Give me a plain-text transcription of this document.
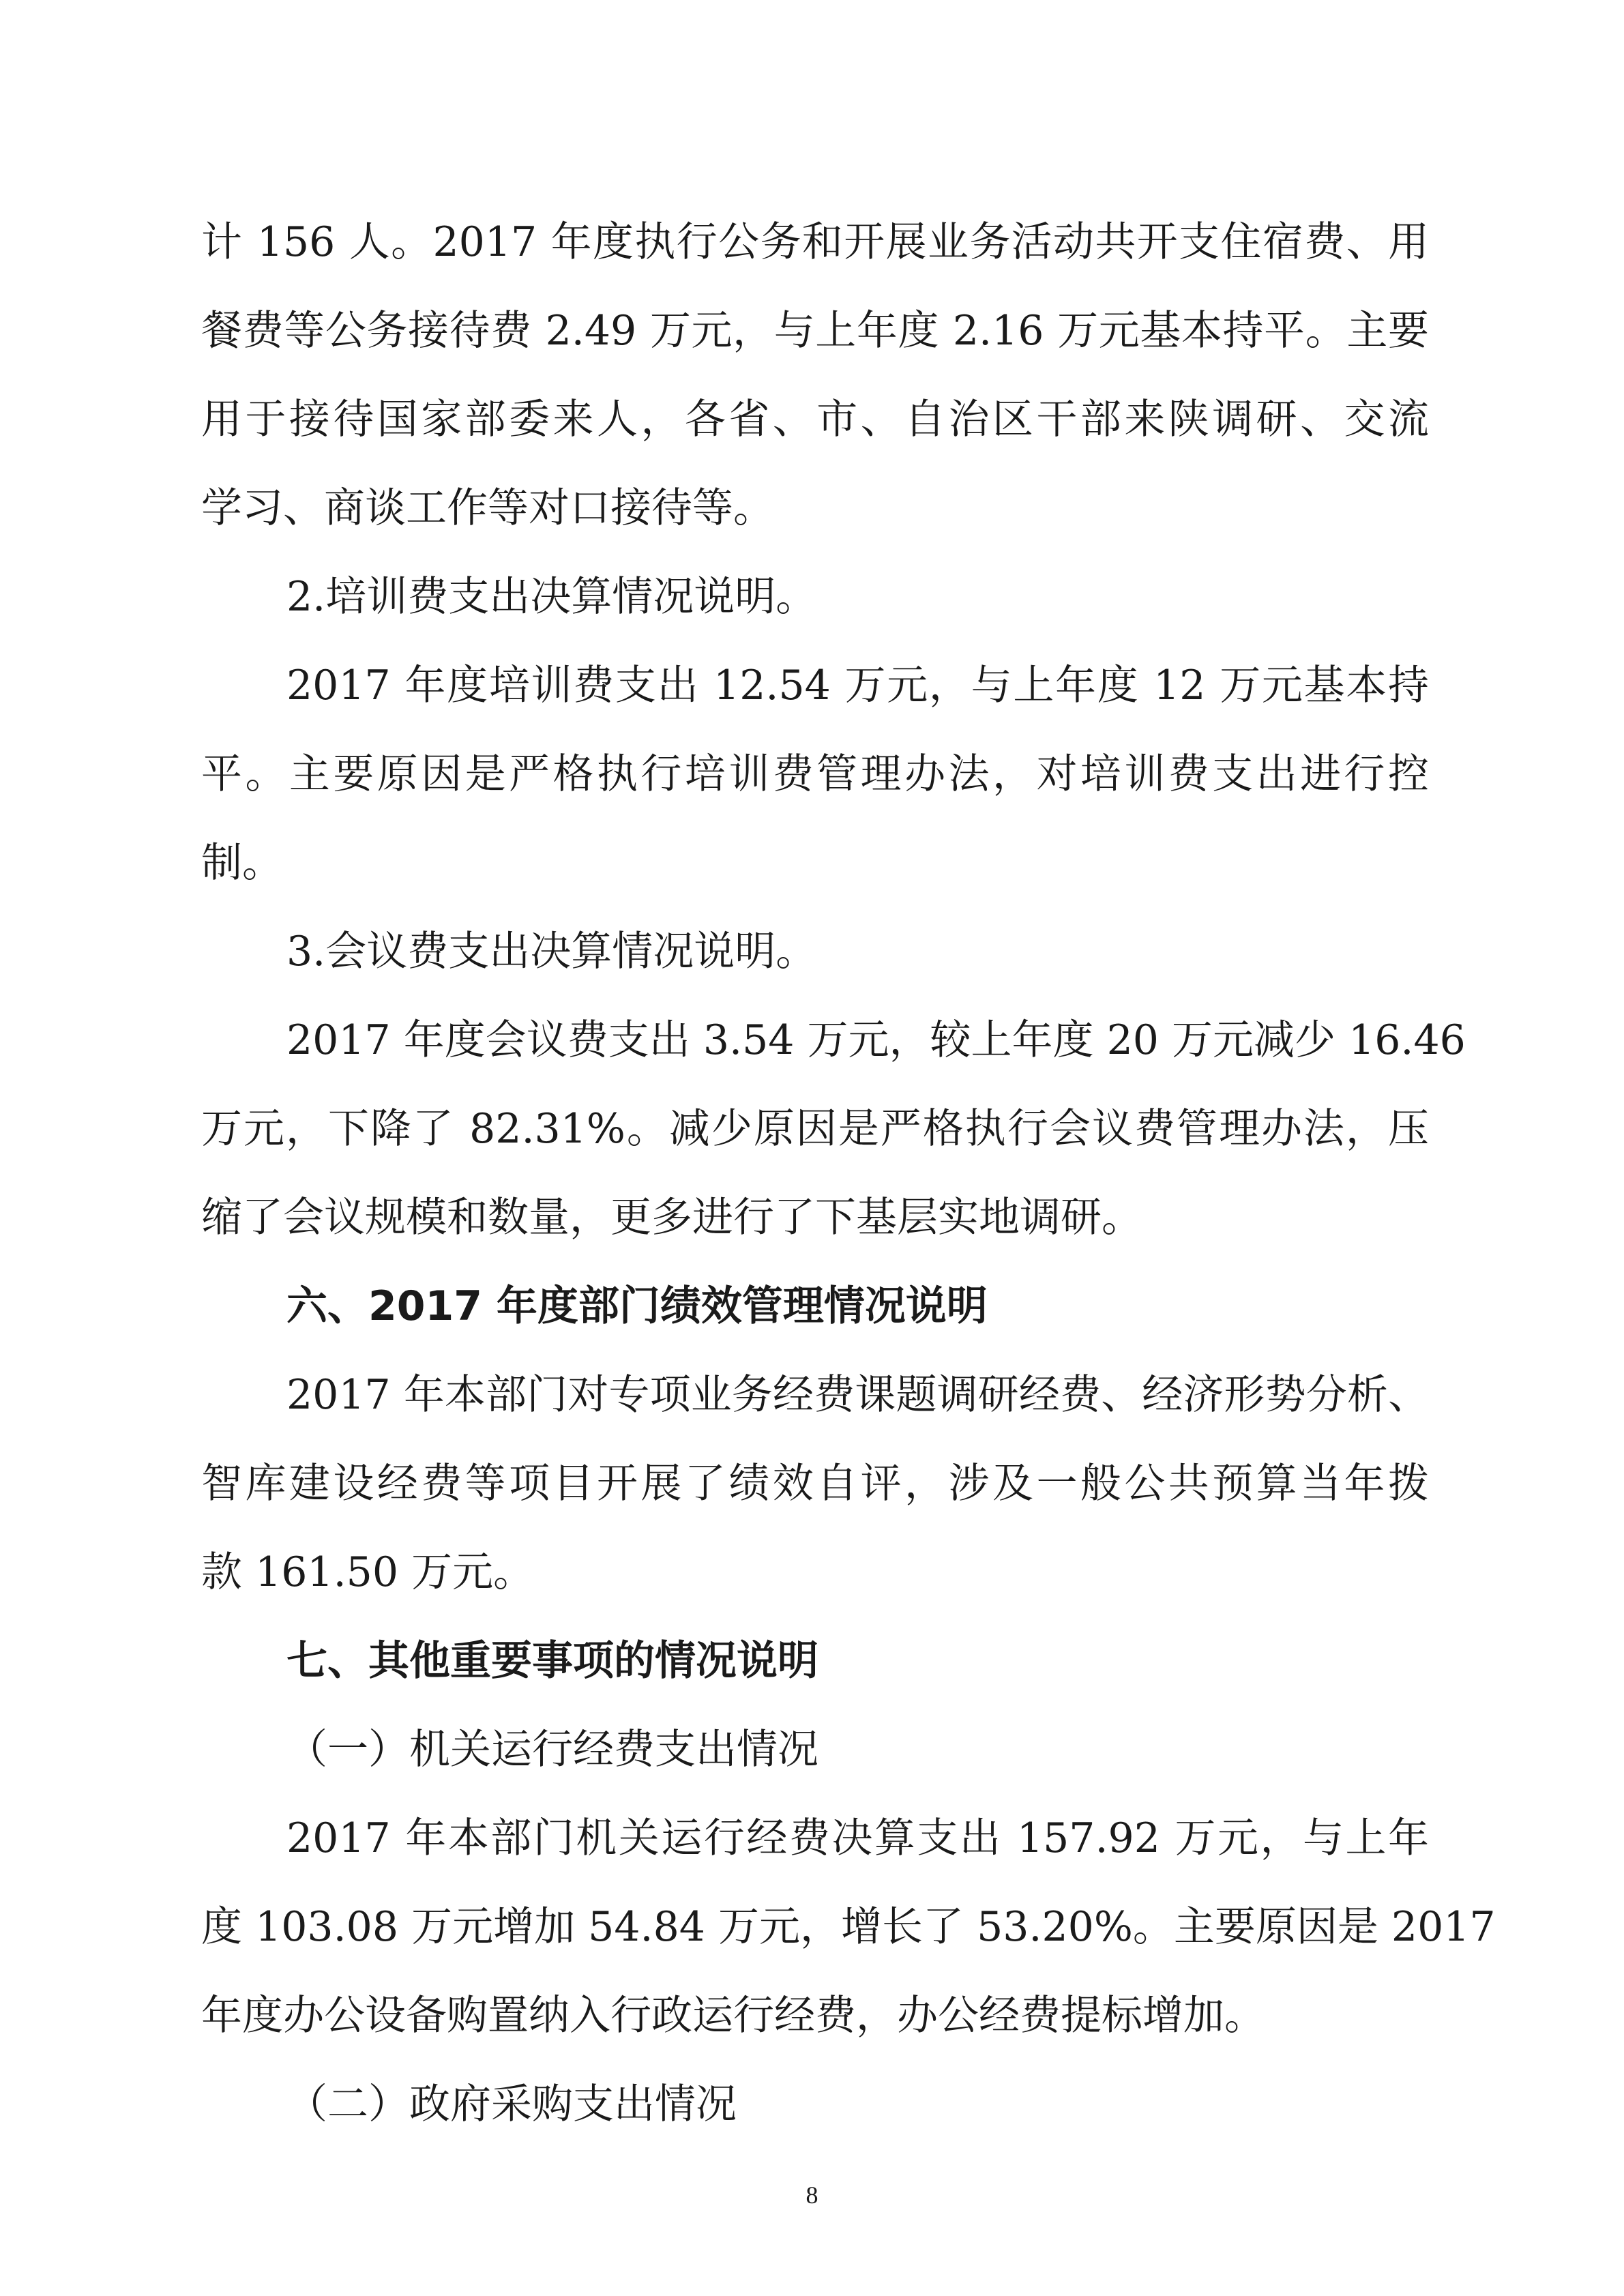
计 156 人。2017 年度执行公务和开展业务活动共开支住宿费、用
餐费等公务接待费 2.49 万元，与上年度 2.16 万元基本持平。主要
用于接待国家部委来人，各省、市、自治区干部来陕调研、交流
学习、商谈工作等对口接待等。
2.培训费支出决算情况说明。
2017 年度培训费支出 12.54 万元，与上年度 12 万元基本持
平。主要原因是严格执行培训费管理办法，对培训费支出进行控
制。
3.会议费支出决算情况说明。
2017 年度会议费支出 3.54 万元，较上年度 20 万元减少 16.46
万元，下降了 82.31%。减少原因是严格执行会议费管理办法，压
缩了会议规模和数量，更多进行了下基层实地调研。
六、2017 年度部门绩效管理情况说明
2017 年本部门对专项业务经费课题调研经费、经济形势分析、
智库建设经费等项目开展了绩效自评，涉及一般公共预算当年拨
款 161.50 万元。
七、其他重要事项的情况说明
（一）机关运行经费支出情况
2017 年本部门机关运行经费决算支出 157.92 万元，与上年
度 103.08 万元增加 54.84 万元，增长了 53.20%。主要原因是 2017
年度办公设备购置纳入行政运行经费，办公经费提标增加。
（二）政府采购支出情况
8
